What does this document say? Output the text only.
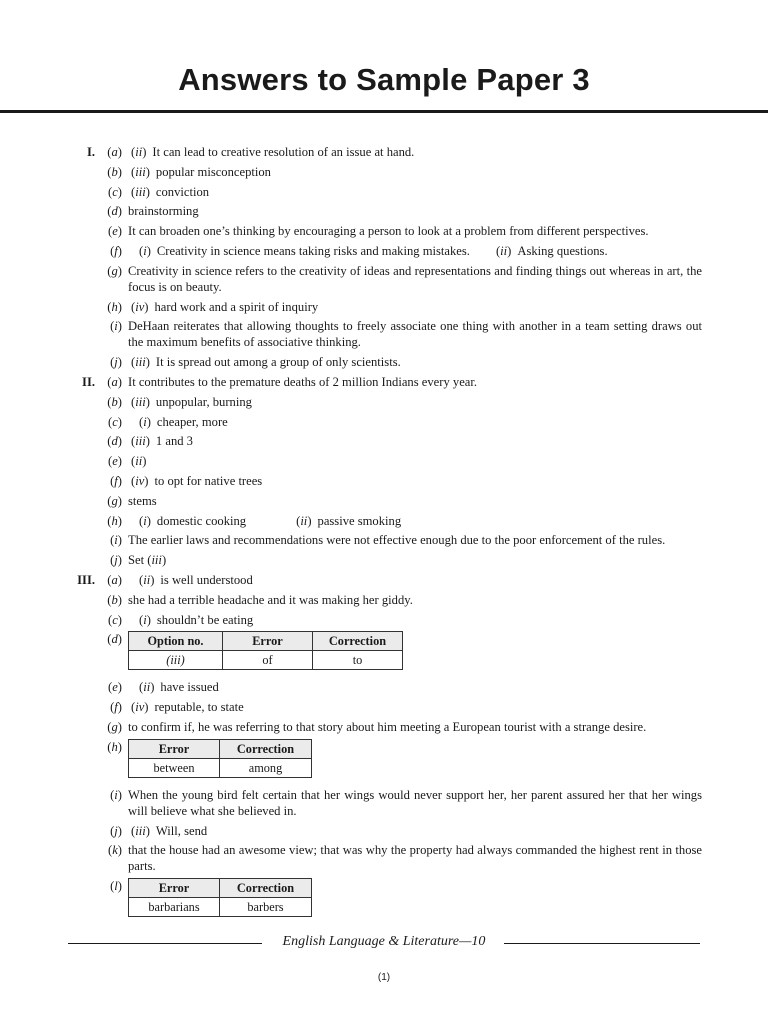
Answers to Sample Paper 3
I. (a) (ii) It can lead to creative resolution of an issue at hand.
(b) (iii) popular misconception
(c) (iii) conviction
(d) brainstorming
(e) It can broaden one’s thinking by encouraging a person to look at a problem from different perspectives.
(f) (i) Creativity in science means taking risks and making mistakes. (ii) Asking questions.
(g) Creativity in science refers to the creativity of ideas and representations and finding things out whereas in art, the focus is on beauty.
(h) (iv) hard work and a spirit of inquiry
(i) DeHaan reiterates that allowing thoughts to freely associate one thing with another in a team setting draws out the maximum benefits of associative thinking.
(j) (iii) It is spread out among a group of only scientists.
II. (a) It contributes to the premature deaths of 2 million Indians every year.
(b) (iii) unpopular, burning
(c) (i) cheaper, more
(d) (iii) 1 and 3
(e) (ii)
(f) (iv) to opt for native trees
(g) stems
(h) (i) domestic cooking	(ii) passive smoking
(i) The earlier laws and recommendations were not effective enough due to the poor enforcement of the rules.
(j) Set (iii)
III. (a) (ii) is well understood
(b) she had a terrible headache and it was making her giddy.
(c) (i) shouldn’t be eating
(d) Option no.	Error	Correction
(iii)	of	to
(e) (ii) have issued
(f) (iv) reputable, to state
(g) to confirm if, he was referring to that story about him meeting a European tourist with a strange desire.
(h)	Error	Correction
between	among
(i) When the young bird felt certain that her wings would never support her, her parent assured her that her wings will believe what she believed in.
(j) (iii) Will, send
(k) that the house had an awesome view; that was why the property had always commanded the highest rent in those parts.
(l)	Error	Correction
barbarians	barbers
English Language & Literature—10
(1)
